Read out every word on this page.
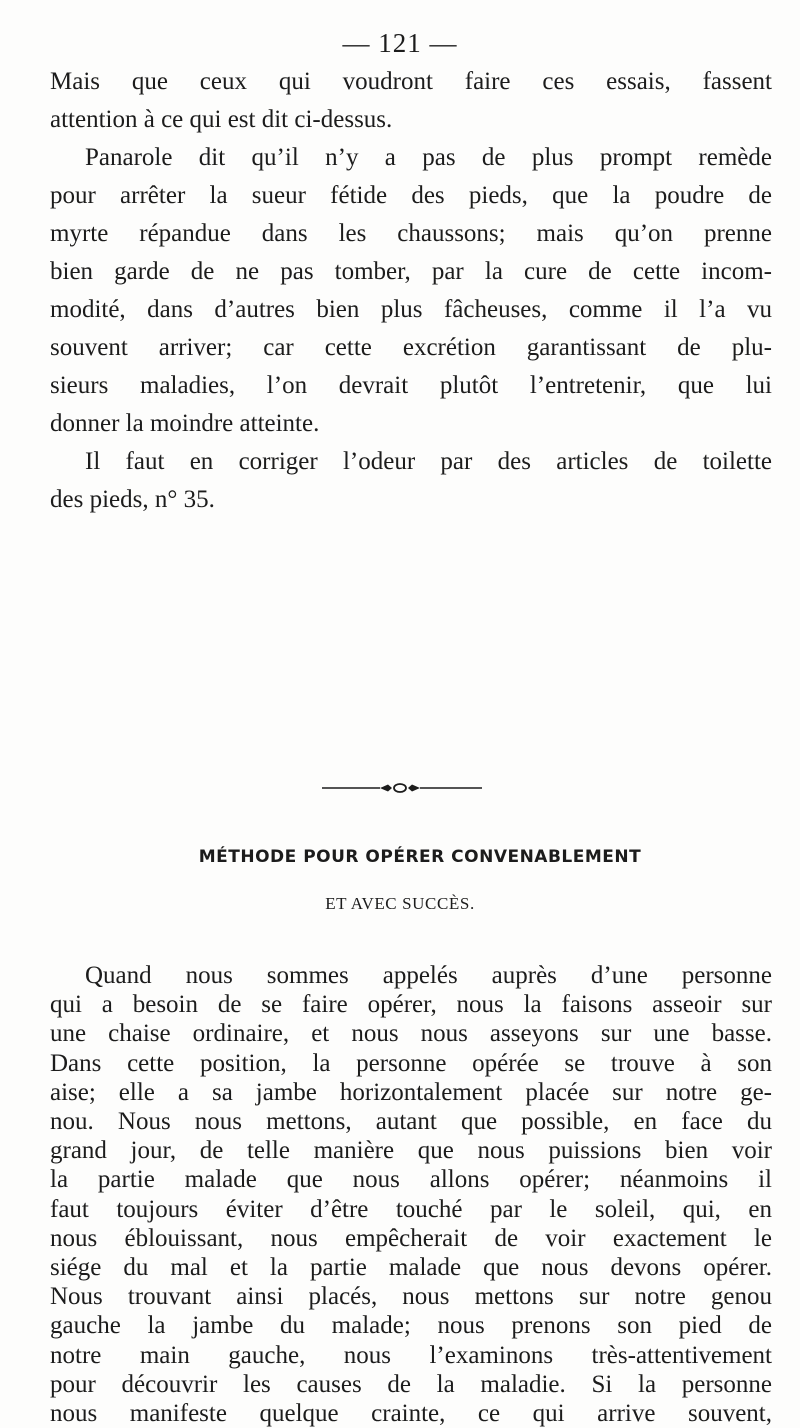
— 121 —
Mais que ceux qui voudront faire ces essais, fassent
attention à ce qui est dit ci-dessus.
Panarole dit qu’il n’y a pas de plus prompt remède
pour arrêter la sueur fétide des pieds, que la poudre de
myrte répandue dans les chaussons; mais qu’on prenne
bien garde de ne pas tomber, par la cure de cette incom-
modité, dans d’autres bien plus fâcheuses, comme il l’a vu
souvent arriver; car cette excrétion garantissant de plu-
sieurs maladies, l’on devrait plutôt l’entretenir, que lui
donner la moindre atteinte.
Il faut en corriger l’odeur par des articles de toilette
des pieds, n° 35.
MÉTHODE POUR OPÉRER CONVENABLEMENT
ET AVEC SUCCÈS.
Quand nous sommes appelés auprès d’une personne
qui a besoin de se faire opérer, nous la faisons asseoir sur
une chaise ordinaire, et nous nous asseyons sur une basse.
Dans cette position, la personne opérée se trouve à son
aise; elle a sa jambe horizontalement placée sur notre ge-
nou. Nous nous mettons, autant que possible, en face du
grand jour, de telle manière que nous puissions bien voir
la partie malade que nous allons opérer; néanmoins il
faut toujours éviter d’être touché par le soleil, qui, en
nous éblouissant, nous empêcherait de voir exactement le
siége du mal et la partie malade que nous devons opérer.
Nous trouvant ainsi placés, nous mettons sur notre genou
gauche la jambe du malade; nous prenons son pied de
notre main gauche, nous l’examinons très-attentivement
pour découvrir les causes de la maladie. Si la personne
nous manifeste quelque crainte, ce qui arrive souvent,
